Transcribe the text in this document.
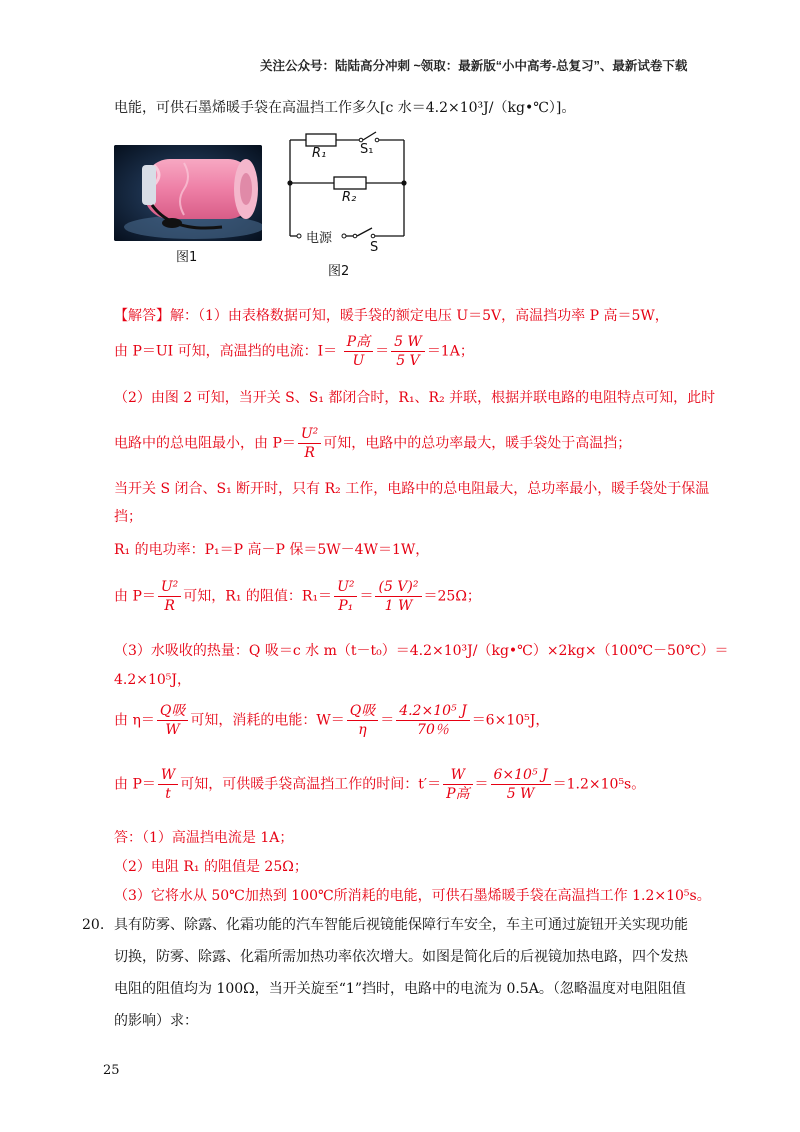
关注公众号：陆陆高分冲刺 ~领取：最新版“小中高考-总复习”、最新试卷下载
电能，可供石墨烯暖手袋在高温挡工作多久[c 水＝4.2×10³J/（kg•℃）]。
图1
R₁	S₁
R₂
电源
S
图2
【解答】解：（1）由表格数据可知，暖手袋的额定电压 U＝5V，高温挡功率 P 高＝5W，
由 P＝UI 可知，高温挡的电流：$I= \frac{\text{P高}}{U} = \frac{5 W}{5 V} =1A$；
（2）由图 2 可知，当开关 S、S₁ 都闭合时，R₁、R₂ 并联，根据并联电路的电阻特点可知，此时
电路中的总电阻最小，由 $P= \frac{\text{U²}}{R}$ 可知，电路中的总功率最大，暖手袋处于高温挡；
当开关 S 闭合、S₁ 断开时，只有 R₂ 工作，电路中的总电阻最大，总功率最小，暖手袋处于保温
挡；
R₁ 的电功率：P₁＝P 高－P 保＝5W－4W＝1W，
由 $P= \frac{\text{U²}}{R}$ 可知，R₁ 的阻值：$R_1= \frac{\text{U²}}{\text{P₁}} = \frac{\text{(5 V)²}}{1 W} =25\Omega$；
（3）水吸收的热量：Q 吸＝c 水 m（t－t₀）＝4.2×10³J/（kg•℃）×2kg×（100℃－50℃）＝
4.2×10⁵J，
由 $\eta= \frac{\text{Q吸}}{W}$ 可知，消耗的电能：$W= \frac{\text{Q吸}}{\eta} = \frac{\text{4.2×10⁵ J}}{70\%} =6\times 10^5J$，
由 $P= \frac{W}{t}$ 可知，可供暖手袋高温挡工作的时间：$t'= \frac{W}{\text{P高}} = \frac{\text{6×10⁵ J}}{5 W} =1.2\times 10^5s$。
答：（1）高温挡电流是 1A；
（2）电阻 R₁ 的阻值是 25Ω；
（3）它将水从 50℃加热到 100℃所消耗的电能，可供石墨烯暖手袋在高温挡工作 1.2×10⁵s。
20. 具有防雾、除露、化霜功能的汽车智能后视镜能保障行车安全，车主可通过旋钮开关实现功能
切换，防雾、除露、化霜所需加热功率依次增大。如图是简化后的后视镜加热电路，四个发热
电阻的阻值均为 100Ω，当开关旋至“1”挡时，电路中的电流为 0.5A。（忽略温度对电阻阻值
的影响）求：
25
